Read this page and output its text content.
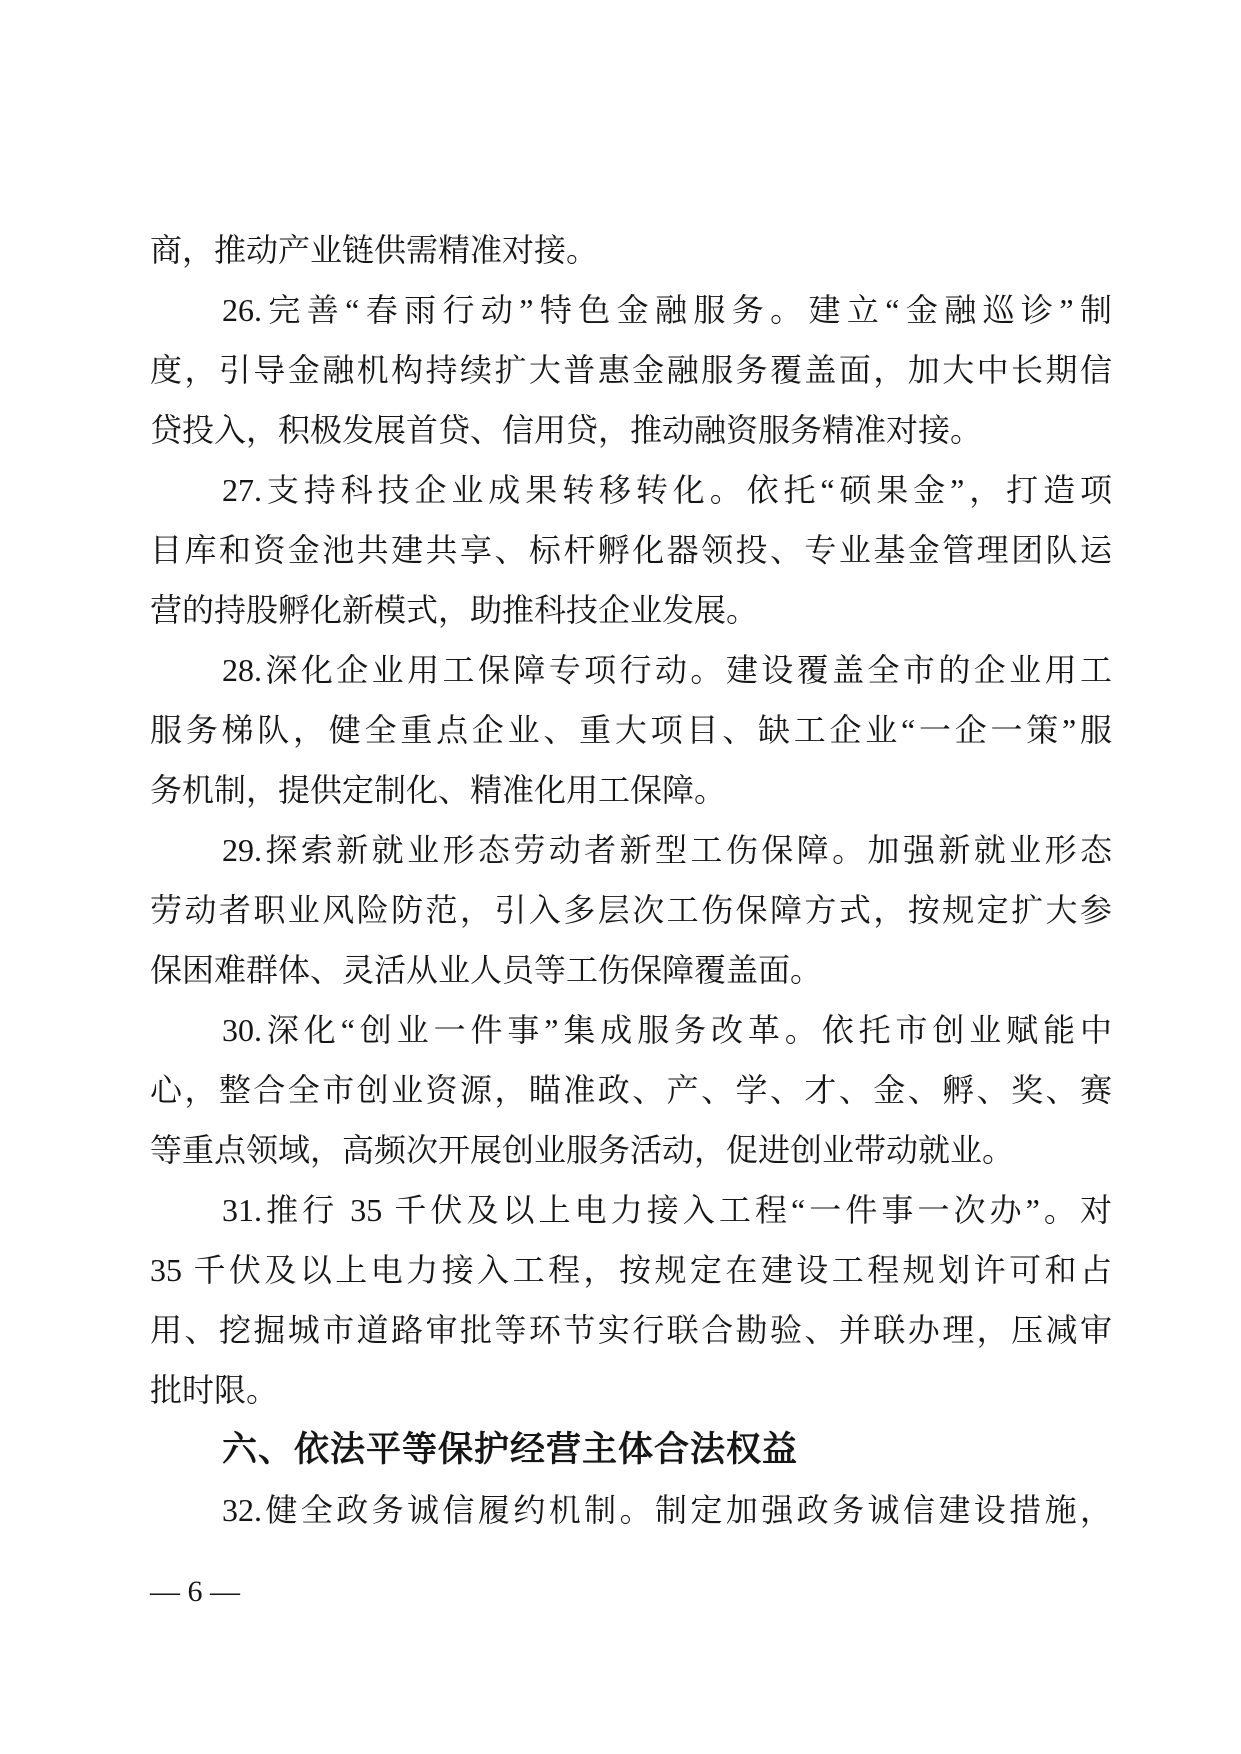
商，推动产业链供需精准对接。
26.完善“春雨行动”特色金融服务。建立“金融巡诊”制
度，引导金融机构持续扩大普惠金融服务覆盖面，加大中长期信
贷投入，积极发展首贷、信用贷，推动融资服务精准对接。
27.支持科技企业成果转移转化。依托“硕果金”，打造项
目库和资金池共建共享、标杆孵化器领投、专业基金管理团队运
营的持股孵化新模式，助推科技企业发展。
28.深化企业用工保障专项行动。建设覆盖全市的企业用工
服务梯队，健全重点企业、重大项目、缺工企业“一企一策”服
务机制，提供定制化、精准化用工保障。
29.探索新就业形态劳动者新型工伤保障。加强新就业形态
劳动者职业风险防范，引入多层次工伤保障方式，按规定扩大参
保困难群体、灵活从业人员等工伤保障覆盖面。
30.深化“创业一件事”集成服务改革。依托市创业赋能中
心，整合全市创业资源，瞄准政、产、学、才、金、孵、奖、赛
等重点领域，高频次开展创业服务活动，促进创业带动就业。
31.推行 35 千伏及以上电力接入工程“一件事一次办”。对
35 千伏及以上电力接入工程，按规定在建设工程规划许可和占
用、挖掘城市道路审批等环节实行联合勘验、并联办理，压减审
批时限。
六、依法平等保护经营主体合法权益
32.健全政务诚信履约机制。制定加强政务诚信建设措施，
— 6 —
